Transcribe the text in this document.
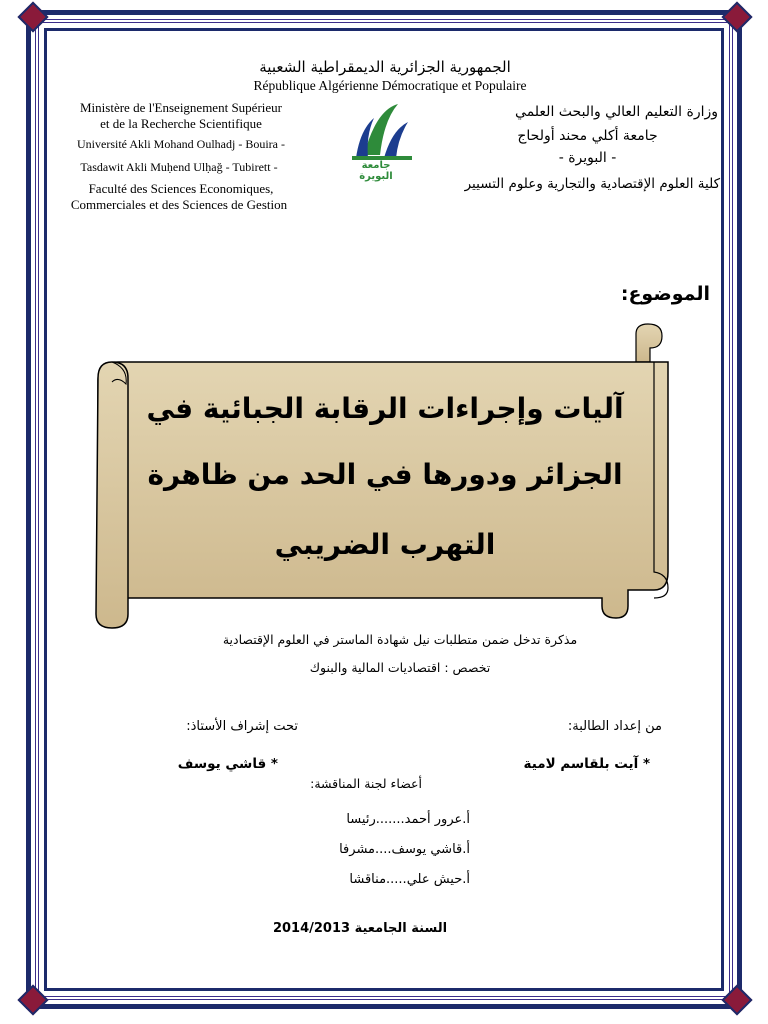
الجمهورية الجزائرية الديمقراطية الشعبية
République Algérienne Démocratique et Populaire
Ministère de l'Enseignement Supérieur
et de la Recherche Scientifique
Université Akli Mohand Oulhadj - Bouira -
Tasdawit Akli Muḥend Ulḥağ - Tubirett -
Faculté des Sciences Economiques,
Commerciales et des Sciences de Gestion
وزارة التعليم العالي والبحث العلمي
جامعة أكلي محند أولحاج
- البويرة -
كلية العلوم الإقتصادية والتجارية وعلوم التسيير
جامعة البويرة
الموضوع:
آليات وإجراءات الرقابة الجبائية في
الجزائر ودورها في الحد من ظاهرة
التهرب الضريبي
مذكرة تدخل ضمن متطلبات نيل شهادة الماستر في العلوم الإقتصادية
تخصص : اقتصاديات المالية والبنوك
من إعداد الطالبة:
تحت إشراف الأستاذ:
* آيت بلقاسم لامية
* قاشي يوسف
أعضاء لجنة المناقشة:
أ.عرور أحمد.......رئيسا
أ.قاشي يوسف....مشرفا
أ.حيش علي.....مناقشا
السنة الجامعية 2014/2013
